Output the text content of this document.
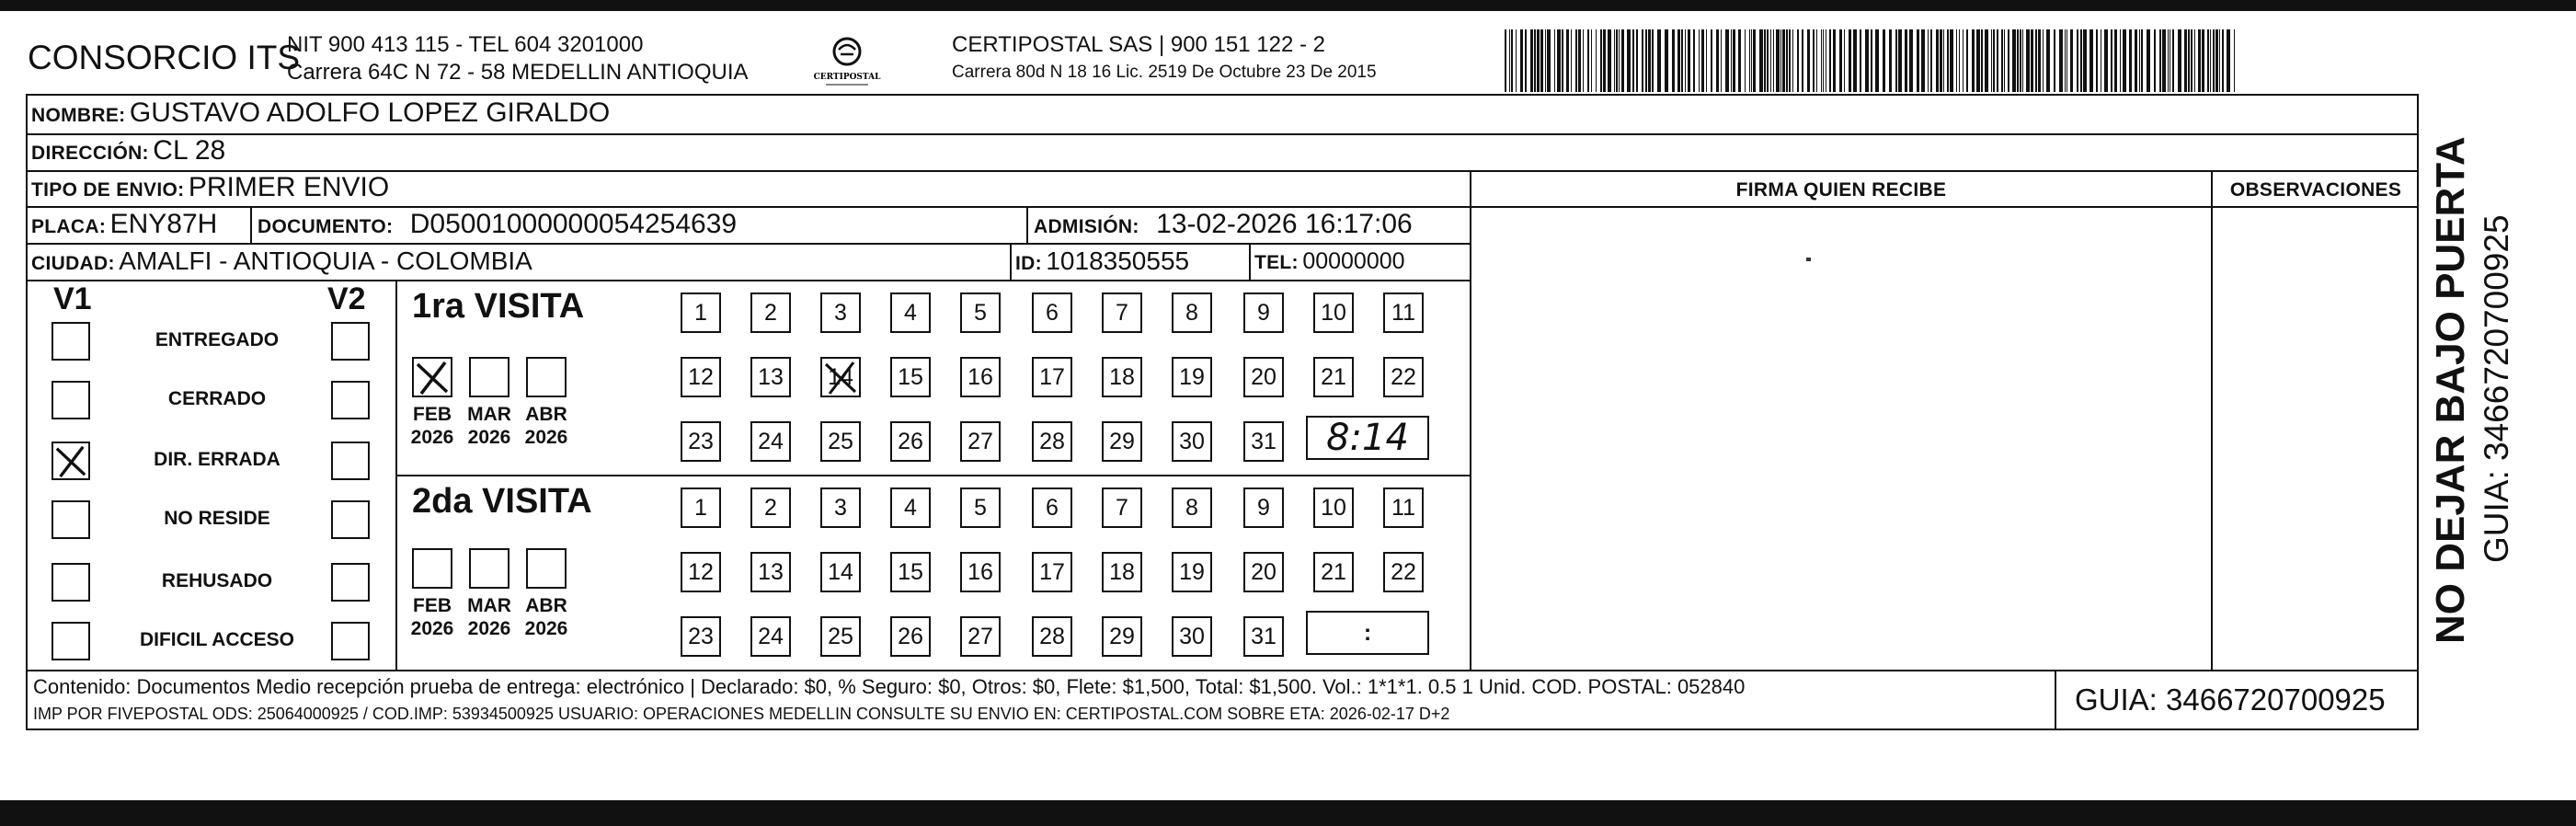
CONSORCIO ITS
NIT 900 413 115 - TEL 604 3201000
Carrera 64C N 72 - 58 MEDELLIN ANTIOQUIA	CERTIPOSTAL
CERTIPOSTAL SAS | 900 151 122 - 2
Carrera 80d N 18 16 Lic. 2519 De Octubre 23 De 2015
NOMBRE: GUSTAVO ADOLFO LOPEZ GIRALDO
DIRECCIÓN: CL 28
TIPO DE ENVIO: PRIMER ENVIO	FIRMA QUIEN RECIBE	OBSERVACIONES
PLACA: ENY87H DOCUMENTO: D05001000000054254639	ADMISIÓN: 13-02-2026 16:17:06
CIUDAD: AMALFI - ANTIOQUIA - COLOMBIA	ID: 1018350555	TEL: 00000000
V1	V2
ENTREGADO
CERRADO
DIR. ERRADA
NO RESIDE
REHUSADO
DIFICIL ACCESO
1ra VISITA
FEB
2026
MAR
2026
ABR
2026
1	2	3	4	5	6	7	8	9	10	11
12	13	14	15	16	17	18	19	20	21	22
23	24	25	26	27	28	29	30	31	8:14
2da VISITA
FEB
2026
MAR
2026
ABR
2026
1	2	3	4	5	6	7	8	9	10	11
12	13	14	15	16	17	18	19	20	21	22
23	24	25	26	27	28	29	30	31	:
Contenido: Documentos Medio recepción prueba de entrega: electrónico | Declarado: $0, % Seguro: $0, Otros: $0, Flete: $1,500, Total: $1,500. Vol.: 1*1*1. 0.5 1 Unid. COD. POSTAL: 052840
IMP POR FIVEPOSTAL ODS: 25064000925 / COD.IMP: 53934500925 USUARIO: OPERACIONES MEDELLIN CONSULTE SU ENVIO EN: CERTIPOSTAL.COM SOBRE ETA: 2026-02-17 D+2	GUIA: 3466720700925
NO DEJAR BAJO PUERTA GUIA: 3466720700925
